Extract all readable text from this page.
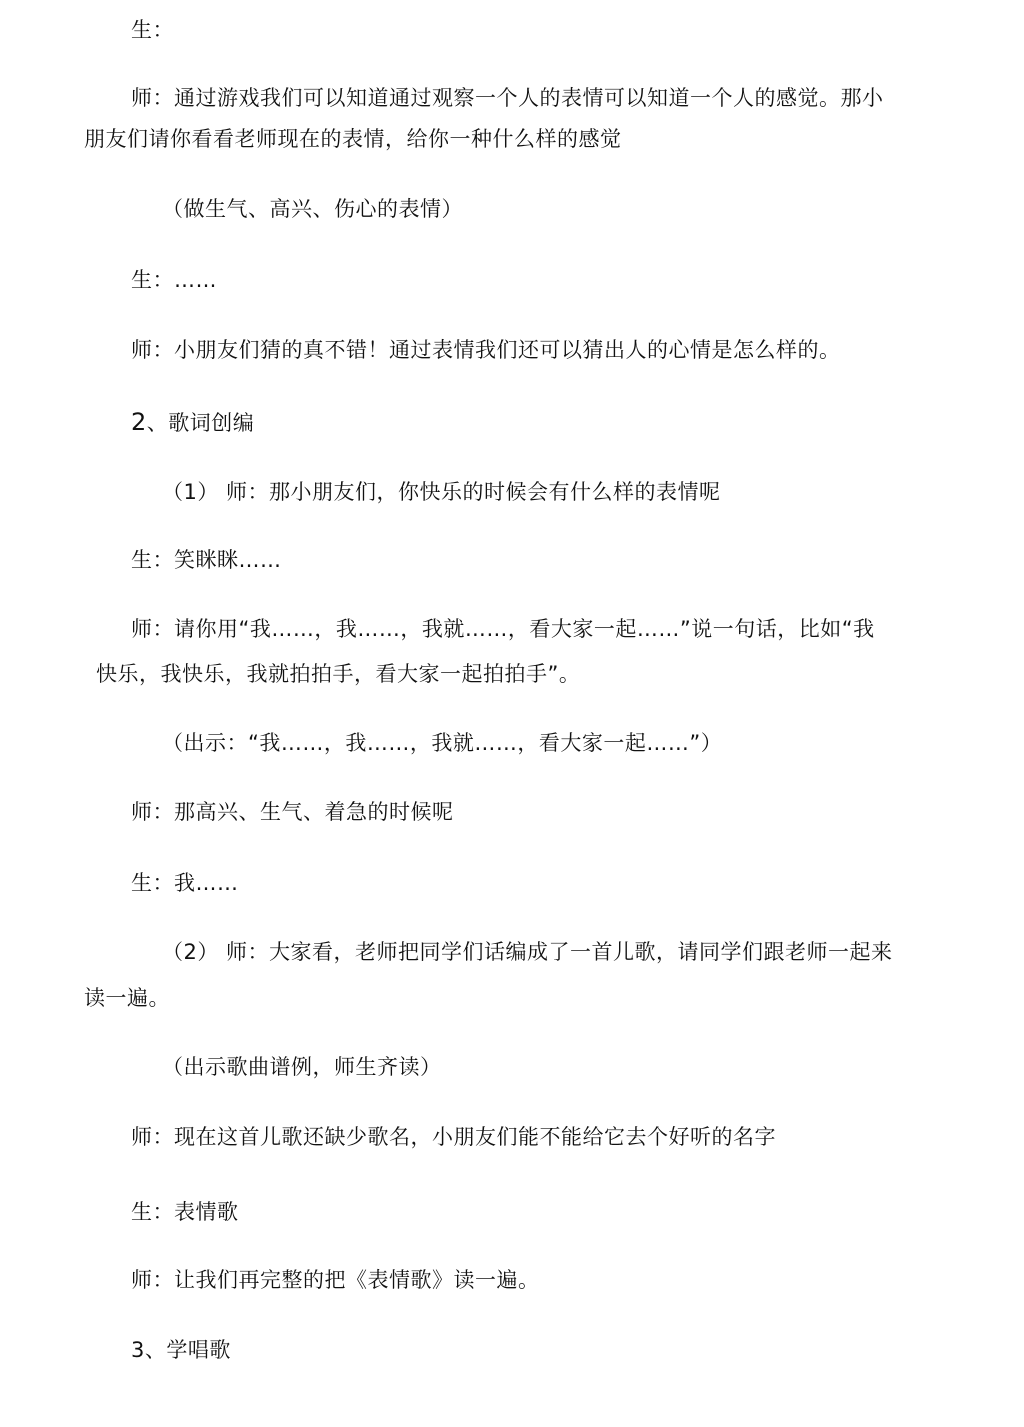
生：
师：通过游戏我们可以知道通过观察一个人的表情可以知道一个人的感觉。那小
朋友们请你看看老师现在的表情，给你一种什么样的感觉
（做生气、高兴、伤心的表情）
生：……
师：小朋友们猜的真不错！通过表情我们还可以猜出人的心情是怎么样的。
2、歌词创编
（1） 师：那小朋友们，你快乐的时候会有什么样的表情呢
生：笑眯眯……
师：请你用“我……，我……，我就……，看大家一起……”说一句话，比如“我
快乐，我快乐，我就拍拍手，看大家一起拍拍手”。
（出示：“我……，我……，我就……，看大家一起……”）
师：那高兴、生气、着急的时候呢
生：我……
（2） 师：大家看，老师把同学们话编成了一首儿歌，请同学们跟老师一起来
读一遍。
（出示歌曲谱例，师生齐读）
师：现在这首儿歌还缺少歌名，小朋友们能不能给它去个好听的名字
生：表情歌
师：让我们再完整的把《表情歌》读一遍。
3、学唱歌
